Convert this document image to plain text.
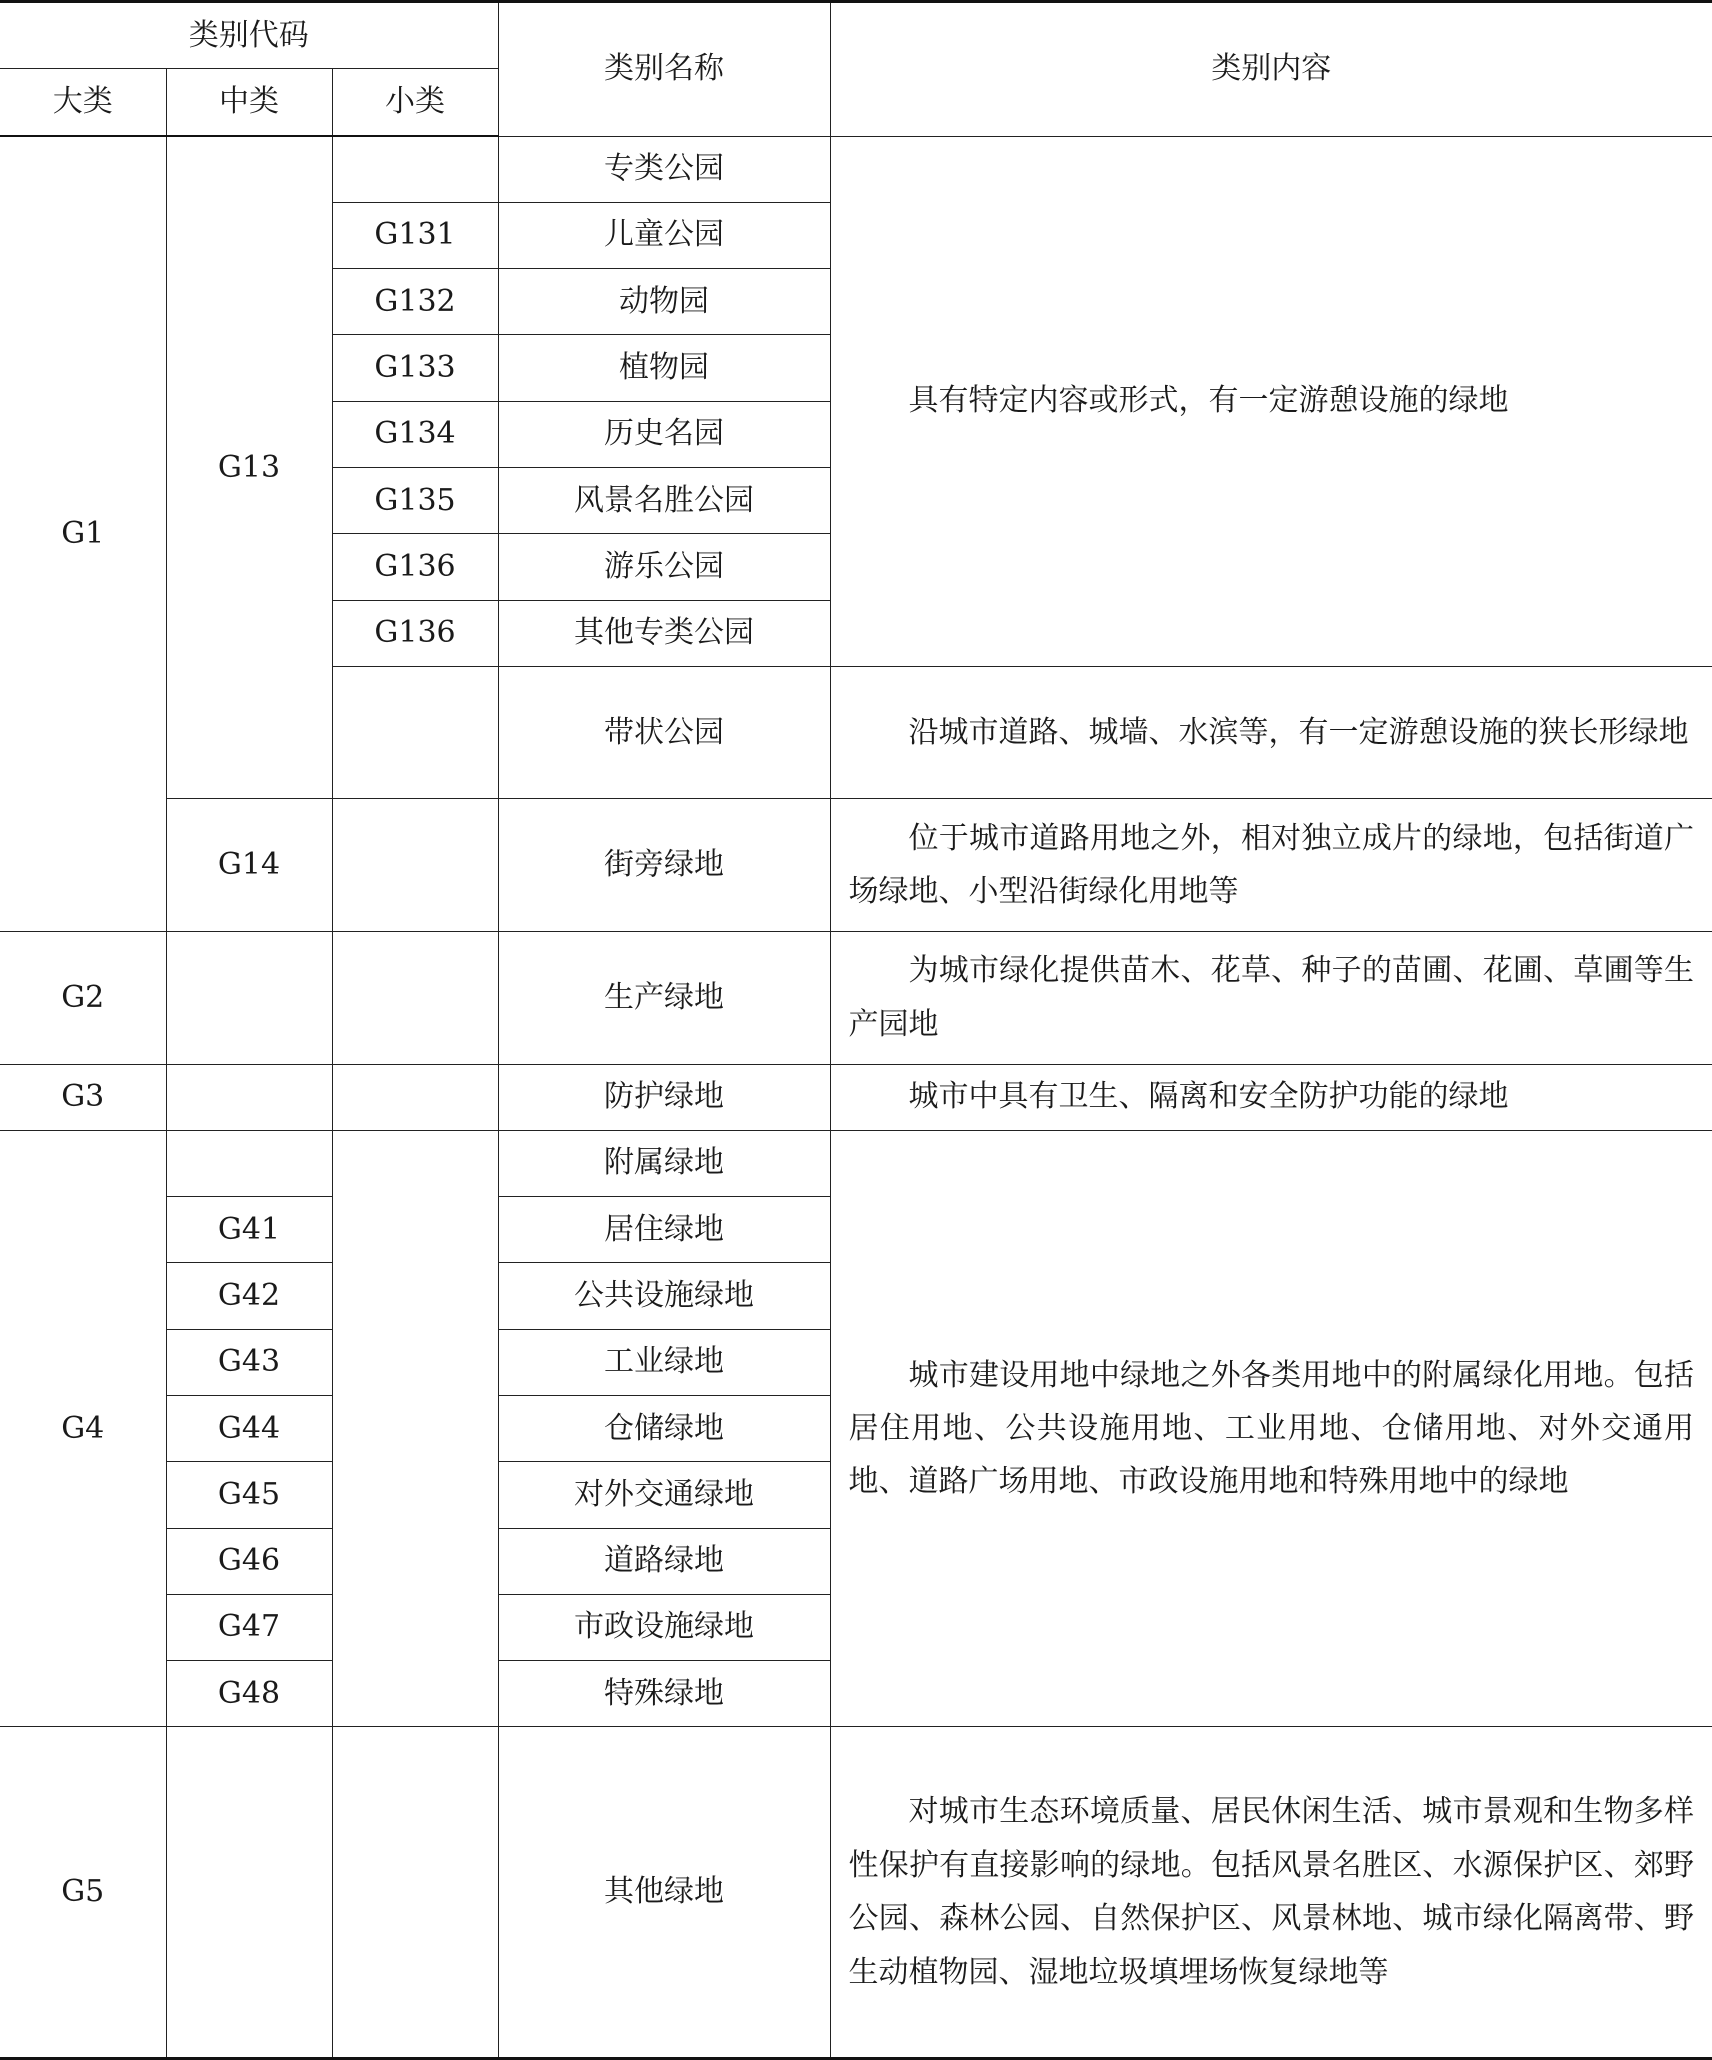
类别代码			类别名称	类别内容
大类	中类	小类		
G1	G13		专类公园	具有特定内容或形式，有一定游憩设施的绿地

		G131	儿童公园	
		G132	动物园	
		G133	植物园	
		G134	历史名园	
		G135	风景名胜公园	
		G136	游乐公园	
		G136	其他专类公园	
			带状公园	沿城市道路、城墙、水滨等，有一定游憩设施的狭长形绿地

	G14		街旁绿地	位于城市道路用地之外，相对独立成片的绿地，包括街道广场绿地、小型沿街绿化用地等

G2			生产绿地	为城市绿化提供苗木、花草、种子的苗圃、花圃、草圃等生产园地

G3			防护绿地	城市中具有卫生、隔离和安全防护功能的绿地

G4			附属绿地	城市建设用地中绿地之外各类用地中的附属绿化用地。包括居住用地、公共设施用地、工业用地、仓储用地、对外交通用地、道路广场用地、市政设施用地和特殊用地中的绿地

	G41		居住绿地	
	G42		公共设施绿地	
	G43		工业绿地	
	G44		仓储绿地	
	G45		对外交通绿地	
	G46		道路绿地	
	G47		市政设施绿地	
	G48		特殊绿地	
G5			其他绿地	对城市生态环境质量、居民休闲生活、城市景观和生物多样性保护有直接影响的绿地。包括风景名胜区、水源保护区、郊野公园、森林公园、自然保护区、风景林地、城市绿化隔离带、野生动植物园、湿地垃圾填埋场恢复绿地等
